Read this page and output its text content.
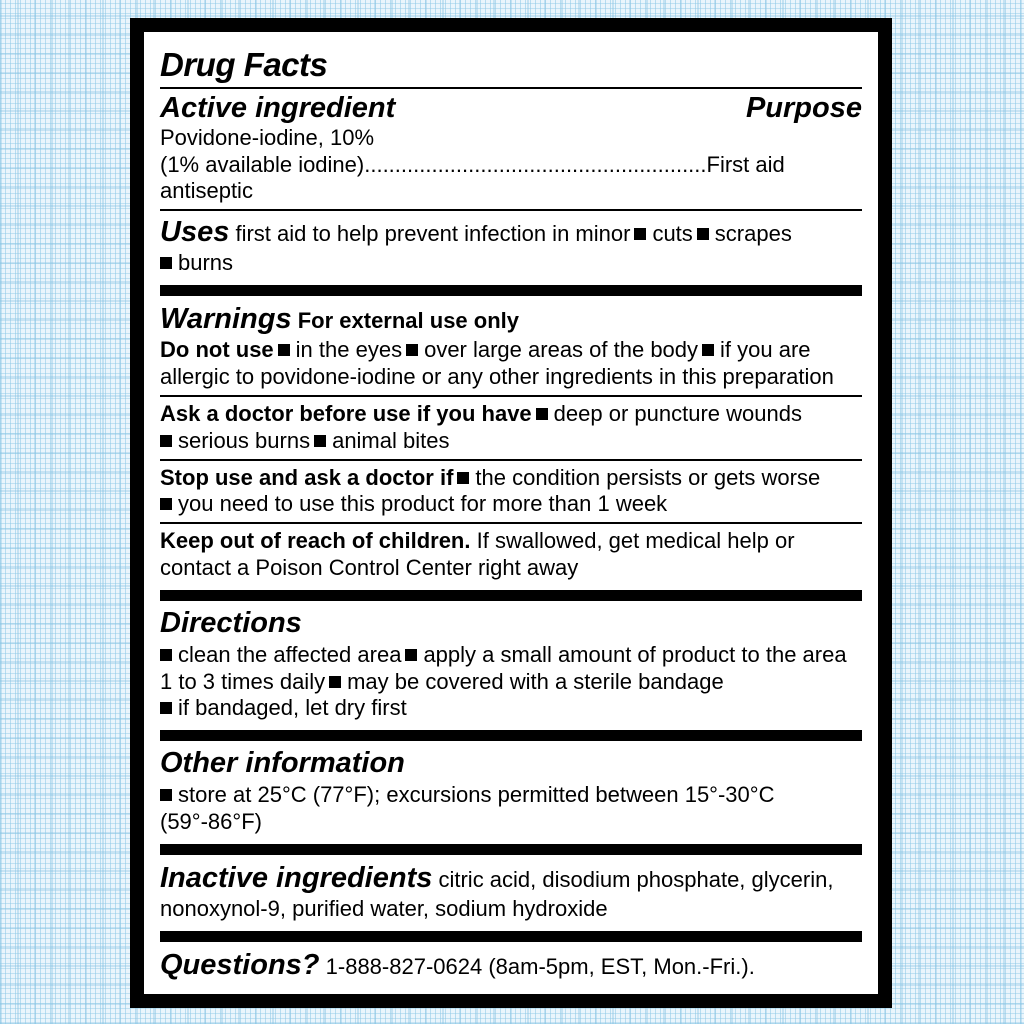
Drug Facts
Active ingredient	Purpose
Povidone-iodine, 10%
(1% available iodine)........................................................First aid antiseptic
Uses first aid to help prevent infection in minor cuts scrapes
burns
Warnings For external use only
Do not use in the eyes over large areas of the body if you are allergic to povidone-iodine or any other ingredients in this preparation
Ask a doctor before use if you have deep or puncture wounds
serious burns animal bites
Stop use and ask a doctor if the condition persists or gets worse
you need to use this product for more than 1 week
Keep out of reach of children. If swallowed, get medical help or contact a Poison Control Center right away
Directions
clean the affected area apply a small amount of product to the area 1 to 3 times daily may be covered with a sterile bandage
if bandaged, let dry first
Other information
store at 25°C (77°F); excursions permitted between 15°-30°C (59°-86°F)
Inactive ingredients citric acid, disodium phosphate, glycerin, nonoxynol-9, purified water, sodium hydroxide
Questions? 1-888-827-0624 (8am-5pm, EST, Mon.-Fri.).
